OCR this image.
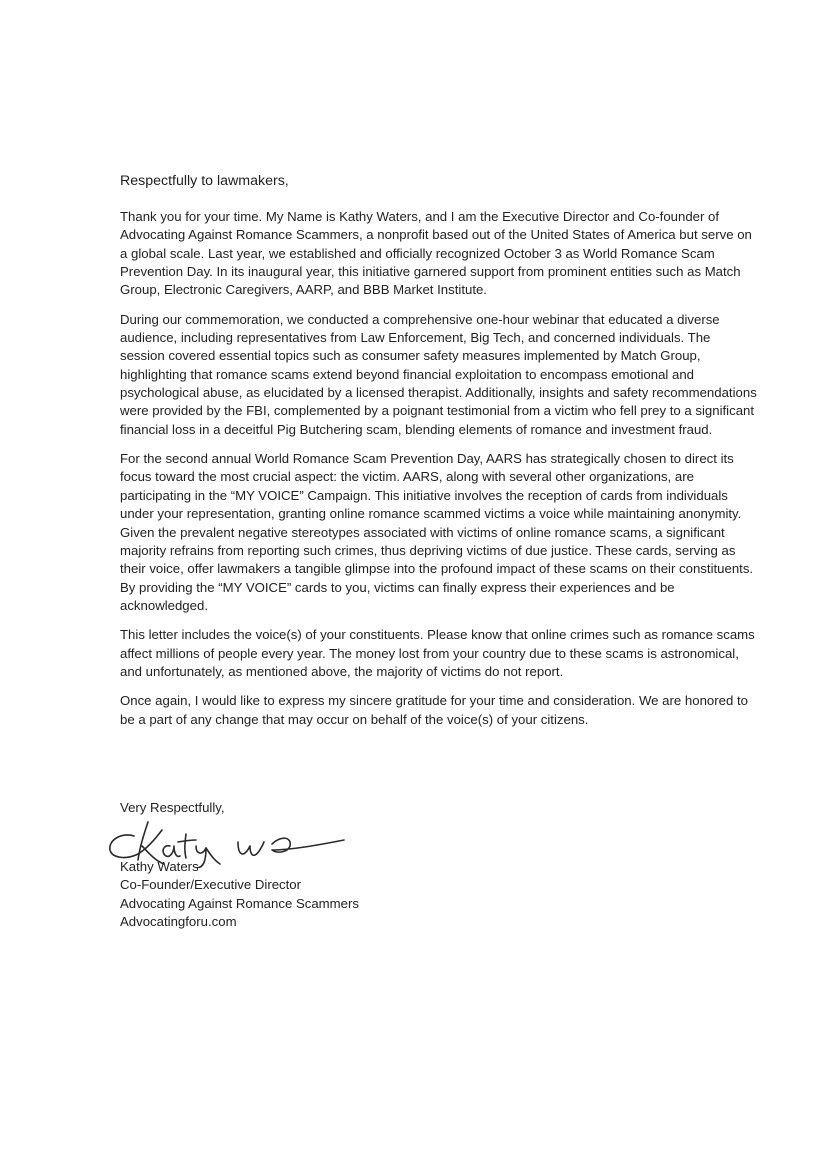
Respectfully to lawmakers,

Thank you for your time. My Name is Kathy Waters, and I am the Executive Director and Co-founder of Advocating Against Romance Scammers, a nonprofit based out of the United States of America but serve on a global scale. Last year, we established and officially recognized October 3 as World Romance Scam Prevention Day. In its inaugural year, this initiative garnered support from prominent entities such as Match Group, Electronic Caregivers, AARP, and BBB Market Institute.

During our commemoration, we conducted a comprehensive one-hour webinar that educated a diverse audience, including representatives from Law Enforcement, Big Tech, and concerned individuals. The session covered essential topics such as consumer safety measures implemented by Match Group, highlighting that romance scams extend beyond financial exploitation to encompass emotional and psychological abuse, as elucidated by a licensed therapist. Additionally, insights and safety recommendations were provided by the FBI, complemented by a poignant testimonial from a victim who fell prey to a significant financial loss in a deceitful Pig Butchering scam, blending elements of romance and investment fraud.

For the second annual World Romance Scam Prevention Day, AARS has strategically chosen to direct its focus toward the most crucial aspect: the victim. AARS, along with several other organizations, are participating in the “MY VOICE” Campaign. This initiative involves the reception of cards from individuals under your representation, granting online romance scammed victims a voice while maintaining anonymity. Given the prevalent negative stereotypes associated with victims of online romance scams, a significant majority refrains from reporting such crimes, thus depriving victims of due justice. These cards, serving as their voice, offer lawmakers a tangible glimpse into the profound impact of these scams on their constituents. By providing the “MY VOICE” cards to you, victims can finally express their experiences and be acknowledged.

This letter includes the voice(s) of your constituents. Please know that online crimes such as romance scams affect millions of people every year. The money lost from your country due to these scams is astronomical, and unfortunately, as mentioned above, the majority of victims do not report.

Once again, I would like to express my sincere gratitude for your time and consideration. We are honored to be a part of any change that may occur on behalf of the voice(s) of your citizens.

Very Respectfully,

Kathy Waters
Co-Founder/Executive Director
Advocating Against Romance Scammers
Advocatingforu.com
